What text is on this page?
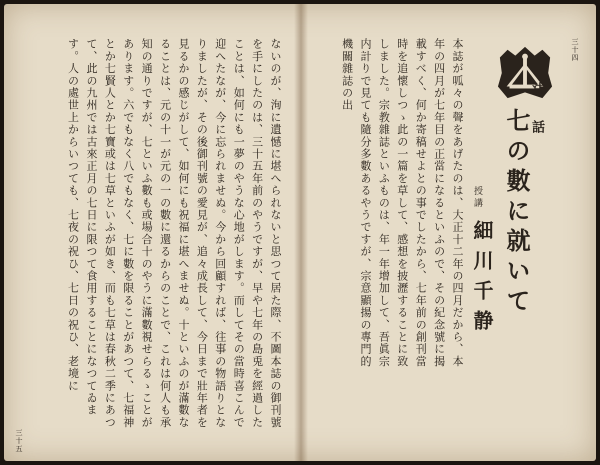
ないのが、洵に遺憾に堪へられないと思つて居た際、不圖本誌の御刊號を手にしたのは、三十五年前のやうですが、早や七年の島兎を經過したことは、如何にも一夢のやうな心地がします。而してその當時喜こんで迎へたなが、今に忘られませぬ。今から回顧すれば、往事の物語りとなりましたが、その後御刊號の愛見が、追々成長して、今日まで壯年者を見るかの感じがして、如何にも祝福に堪へませぬ。十といふのが滿數なることは、元の十一が元の一の數に還るからのことで、これは何人も承知の通りですが、七といふ數も或場合十のやうに滿數視せらるゝことがあります。六でもなく八でもなく、七に數を限ることがあつて、七福神とか七賢人とか七寶或は七草といふが如き、而も七草は春秋二季にあつて、此の九州では古來正月の七日に限つて食用することになつてゐます。人の處世上からいつても、七夜の祝ひ、七日の祝ひ、老境に
三十五
三十四
法　話
七の數に就いて
授講
細川千静
本誌が呱々の聲をあげたのは、大正十二年の四月だから、本年の四月が七年目の正當になるといふので、その紀念號に揭載すべく、何か寄稿せよとの事でしたから、七年前の創刊當時を追懷しつゝ此の一篇を草して、感想を披瀝することに致しました。宗教雜誌といふものは、年一年增加して、吾眞宗内計りで見ても隨分多數あるやうですが、宗意顯揚の專門的機關雜誌の出
